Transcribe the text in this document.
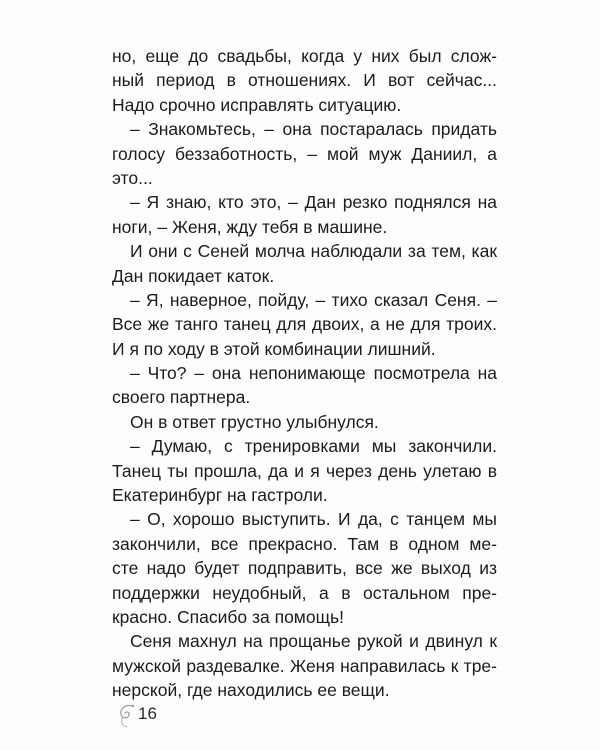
но, еще до свадьбы, когда у них был слож-
ный период в отношениях. И вот сейчас...
Надо срочно исправлять ситуацию.
– Знакомьтесь, – она постаралась придать
голосу беззаботность, – мой муж Даниил, а
это...
– Я знаю, кто это, – Дан резко поднялся на
ноги, – Женя, жду тебя в машине.
И они с Сеней молча наблюдали за тем, как
Дан покидает каток.
– Я, наверное, пойду, – тихо сказал Сеня. –
Все же танго танец для двоих, а не для троих.
И я по ходу в этой комбинации лишний.
– Что? – она непонимающе посмотрела на
своего партнера.
Он в ответ грустно улыбнулся.
– Думаю, с тренировками мы закончили.
Танец ты прошла, да и я через день улетаю в
Екатеринбург на гастроли.
– О, хорошо выступить. И да, с танцем мы
закончили, все прекрасно. Там в одном ме-
сте надо будет подправить, все же выход из
поддержки неудобный, а в остальном пре-
красно. Спасибо за помощь!
Сеня махнул на прощанье рукой и двинул к
мужской раздевалке. Женя направилась к тре-
нерской, где находились ее вещи.
16
